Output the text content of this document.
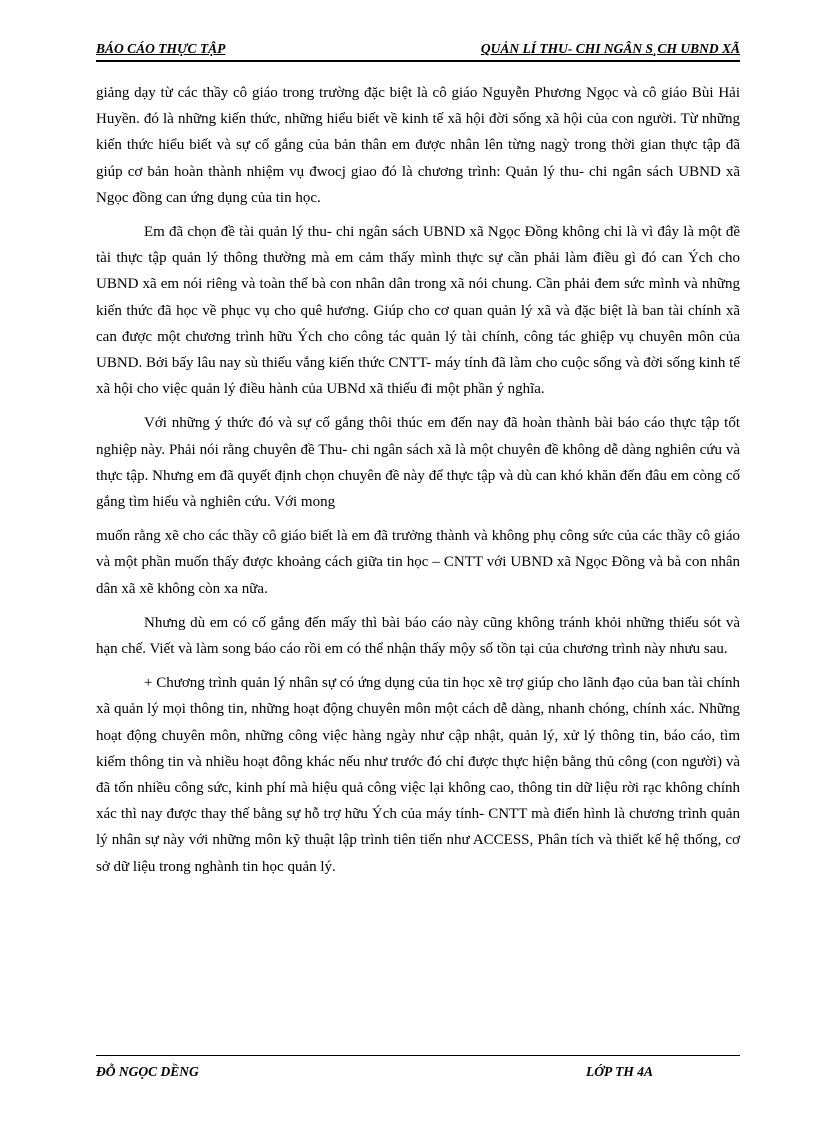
BÁO CÁO THỰC TẬP	QUẢN LÍ THU- CHI NGÂN S¸CH UBND XÃ

giảng dạy từ các thầy cô giáo trong trường đặc biệt là cô giáo Nguyễn Phương Ngọc và cô giáo Bùi Hải Huyền. đó là những kiến thức, những hiểu biết về kinh tế xã hội đời sống xã hội của con người. Từ những kiến thức hiểu biết và sự cố gắng của bản thân em được nhân lên từng nagỳ trong thời gian thực tập đã giúp cơ bản hoàn thành nhiệm vụ đwocj giao đó là chương trình: Quản lý thu- chi ngân sách UBND xã Ngọc đồng can ứng dụng của tin học.

Em đã chọn đề tài quản lý thu- chi ngân sách UBND xã Ngọc Đồng không chỉ là vì đây là một đề tài thực tập quản lý thông thường mà em cảm thấy mình thực sự cần phải làm điều gì đó can Ých cho UBND xã em nói riêng và toàn thể bà con nhân dân trong xã nói chung. Cần phải đem sức mình và những kiến thức đã học về phục vụ cho quê hương. Giúp cho cơ quan quản lý xã và đặc biệt là ban tài chính xã can được một chương trình hữu Ých cho công tác quản lý tài chính, công tác ghiệp vụ chuyên môn của UBND. Bởi bấy lâu nay sù thiếu vắng kiến thức CNTT- máy tính đã làm cho cuộc sống và đời sống kinh tế xã hội cho việc quản lý điều hành của UBNd xã thiếu đi một phần ý nghĩa.

Với những ý thức đó và sự cố gắng thôi thúc em đến nay đã hoàn thành bài báo cáo thực tập tốt nghiệp này. Phải nói rằng chuyên đề Thu- chi ngân sách xã là một chuyên đề không dễ dàng nghiên cứu và thực tập. Nhưng em đã quyết định chọn chuyên đề này để thực tập và dù can khó khăn đến đâu em còng cố gắng tìm hiểu và nghiên cứu. Với mong

muốn rằng xẽ cho các thầy cô giáo biết là em đã trưởng thành và không phụ công sức của các thầy cô giáo và một phần muốn thấy được khoảng cách giữa tin học – CNTT với UBND xã Ngọc Đồng và bà con nhân dân xã xẽ không còn xa nữa.

Nhưng dù em có cố gắng đến mấy thì bài báo cáo này cũng không tránh khỏi những thiếu sót và hạn chế. Viết và làm song báo cáo rồi em có thể nhận thấy mộy số tồn tại của chương trình này nhưu sau.

+ Chương trình quản lý nhân sự có ứng dụng của tin học xẽ trợ giúp cho lãnh đạo của ban tài chính xã quản lý mọi thông tin, những hoạt động chuyên môn một cách dễ dàng, nhanh chóng, chính xác. Những hoạt động chuyên môn, những công việc hàng ngày như cập nhật, quản lý, xử lý thông tin, báo cáo, tìm kiếm thông tin và nhiều hoạt đông khác nếu như trước đó chỉ được thực hiện bằng thủ công (con người) và đã tốn nhiều công sức, kinh phí mà hiệu quả công việc lại không cao, thông tin dữ liệu rời rạc không chính xác thì nay được thay thế bằng sự hỗ trợ hữu Ých của máy tính- CNTT mà điển hình là chương trình quản lý nhân sự này với những môn kỹ thuật lập trình tiên tiến như ACCESS, Phân tích và thiết kế hệ thống, cơ sở dữ liệu trong nghành tin học quản lý.

ĐỖ NGỌC DỀNG	LỚP TH 4A
